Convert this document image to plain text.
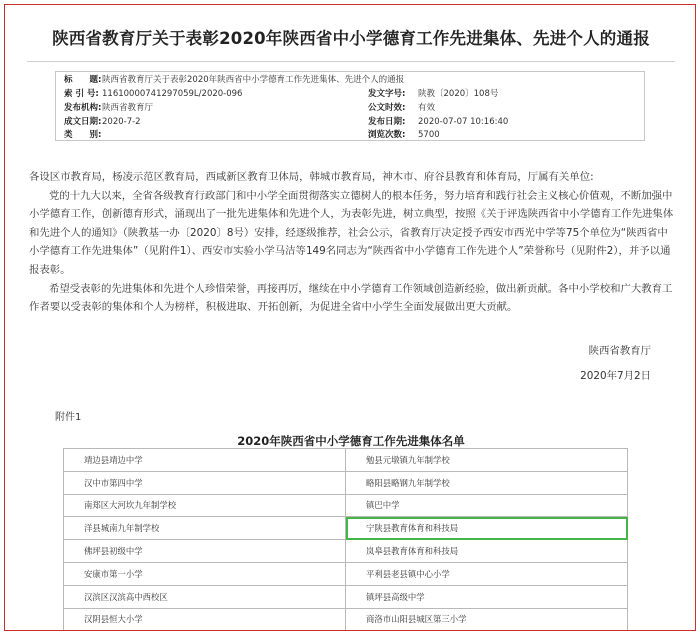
陕西省教育厅关于表彰2020年陕西省中小学德育工作先进集体、先进个人的通报
标　　题: 陕西省教育厅关于表彰2020年陕西省中小学德育工作先进集体、先进个人的通报
索 引 号: 11610000741297059L/2020-096	发文字号: 陕教〔2020〕108号
发布机构: 陕西省教育厅	公文时效: 有效
成文日期: 2020-7-2	发布日期: 2020-07-07 10:16:40
类　　别:	浏览次数: 5700

各设区市教育局，杨凌示范区教育局，西咸新区教育卫体局，韩城市教育局，神木市、府谷县教育和体育局，厅属有关单位:

党的十九大以来，全省各级教育行政部门和中小学全面贯彻落实立德树人的根本任务，努力培育和践行社会主义核心价值观，不断加强中小学德育工作，创新德育形式，涌现出了一批先进集体和先进个人，为表彰先进，树立典型，按照《关于评选陕西省中小学德育工作先进集体和先进个人的通知》（陕教基一办〔2020〕8号）安排，经逐级推荐，社会公示，省教育厅决定授予西安市西光中学等75个单位为“陕西省中小学德育工作先进集体”（见附件1）、西安市实验小学马洁等149名同志为“陕西省中小学德育工作先进个人”荣誉称号（见附件2），并予以通报表彰。

希望受表彰的先进集体和先进个人珍惜荣誉，再接再厉，继续在中小学德育工作领域创造新经验，做出新贡献。各中小学校和广大教育工作者要以受表彰的集体和个人为榜样，积极进取、开拓创新，为促进全省中小学生全面发展做出更大贡献。

陕西省教育厅
2020年7月2日
附件1
2020年陕西省中小学德育工作先进集体名单
靖边县靖边中学	勉县元墩镇九年制学校
汉中市第四中学	略阳县略钢九年制学校
南郑区大河坎九年制学校	镇巴中学
洋县城南九年制学校	宁陕县教育体育和科技局
佛坪县初级中学	岚皋县教育体育和科技局
安康市第一小学	平利县老县镇中心小学
汉滨区汉滨高中西校区	镇坪县高级中学
汉阴县恒大小学	商洛市山阳县城区第三小学
